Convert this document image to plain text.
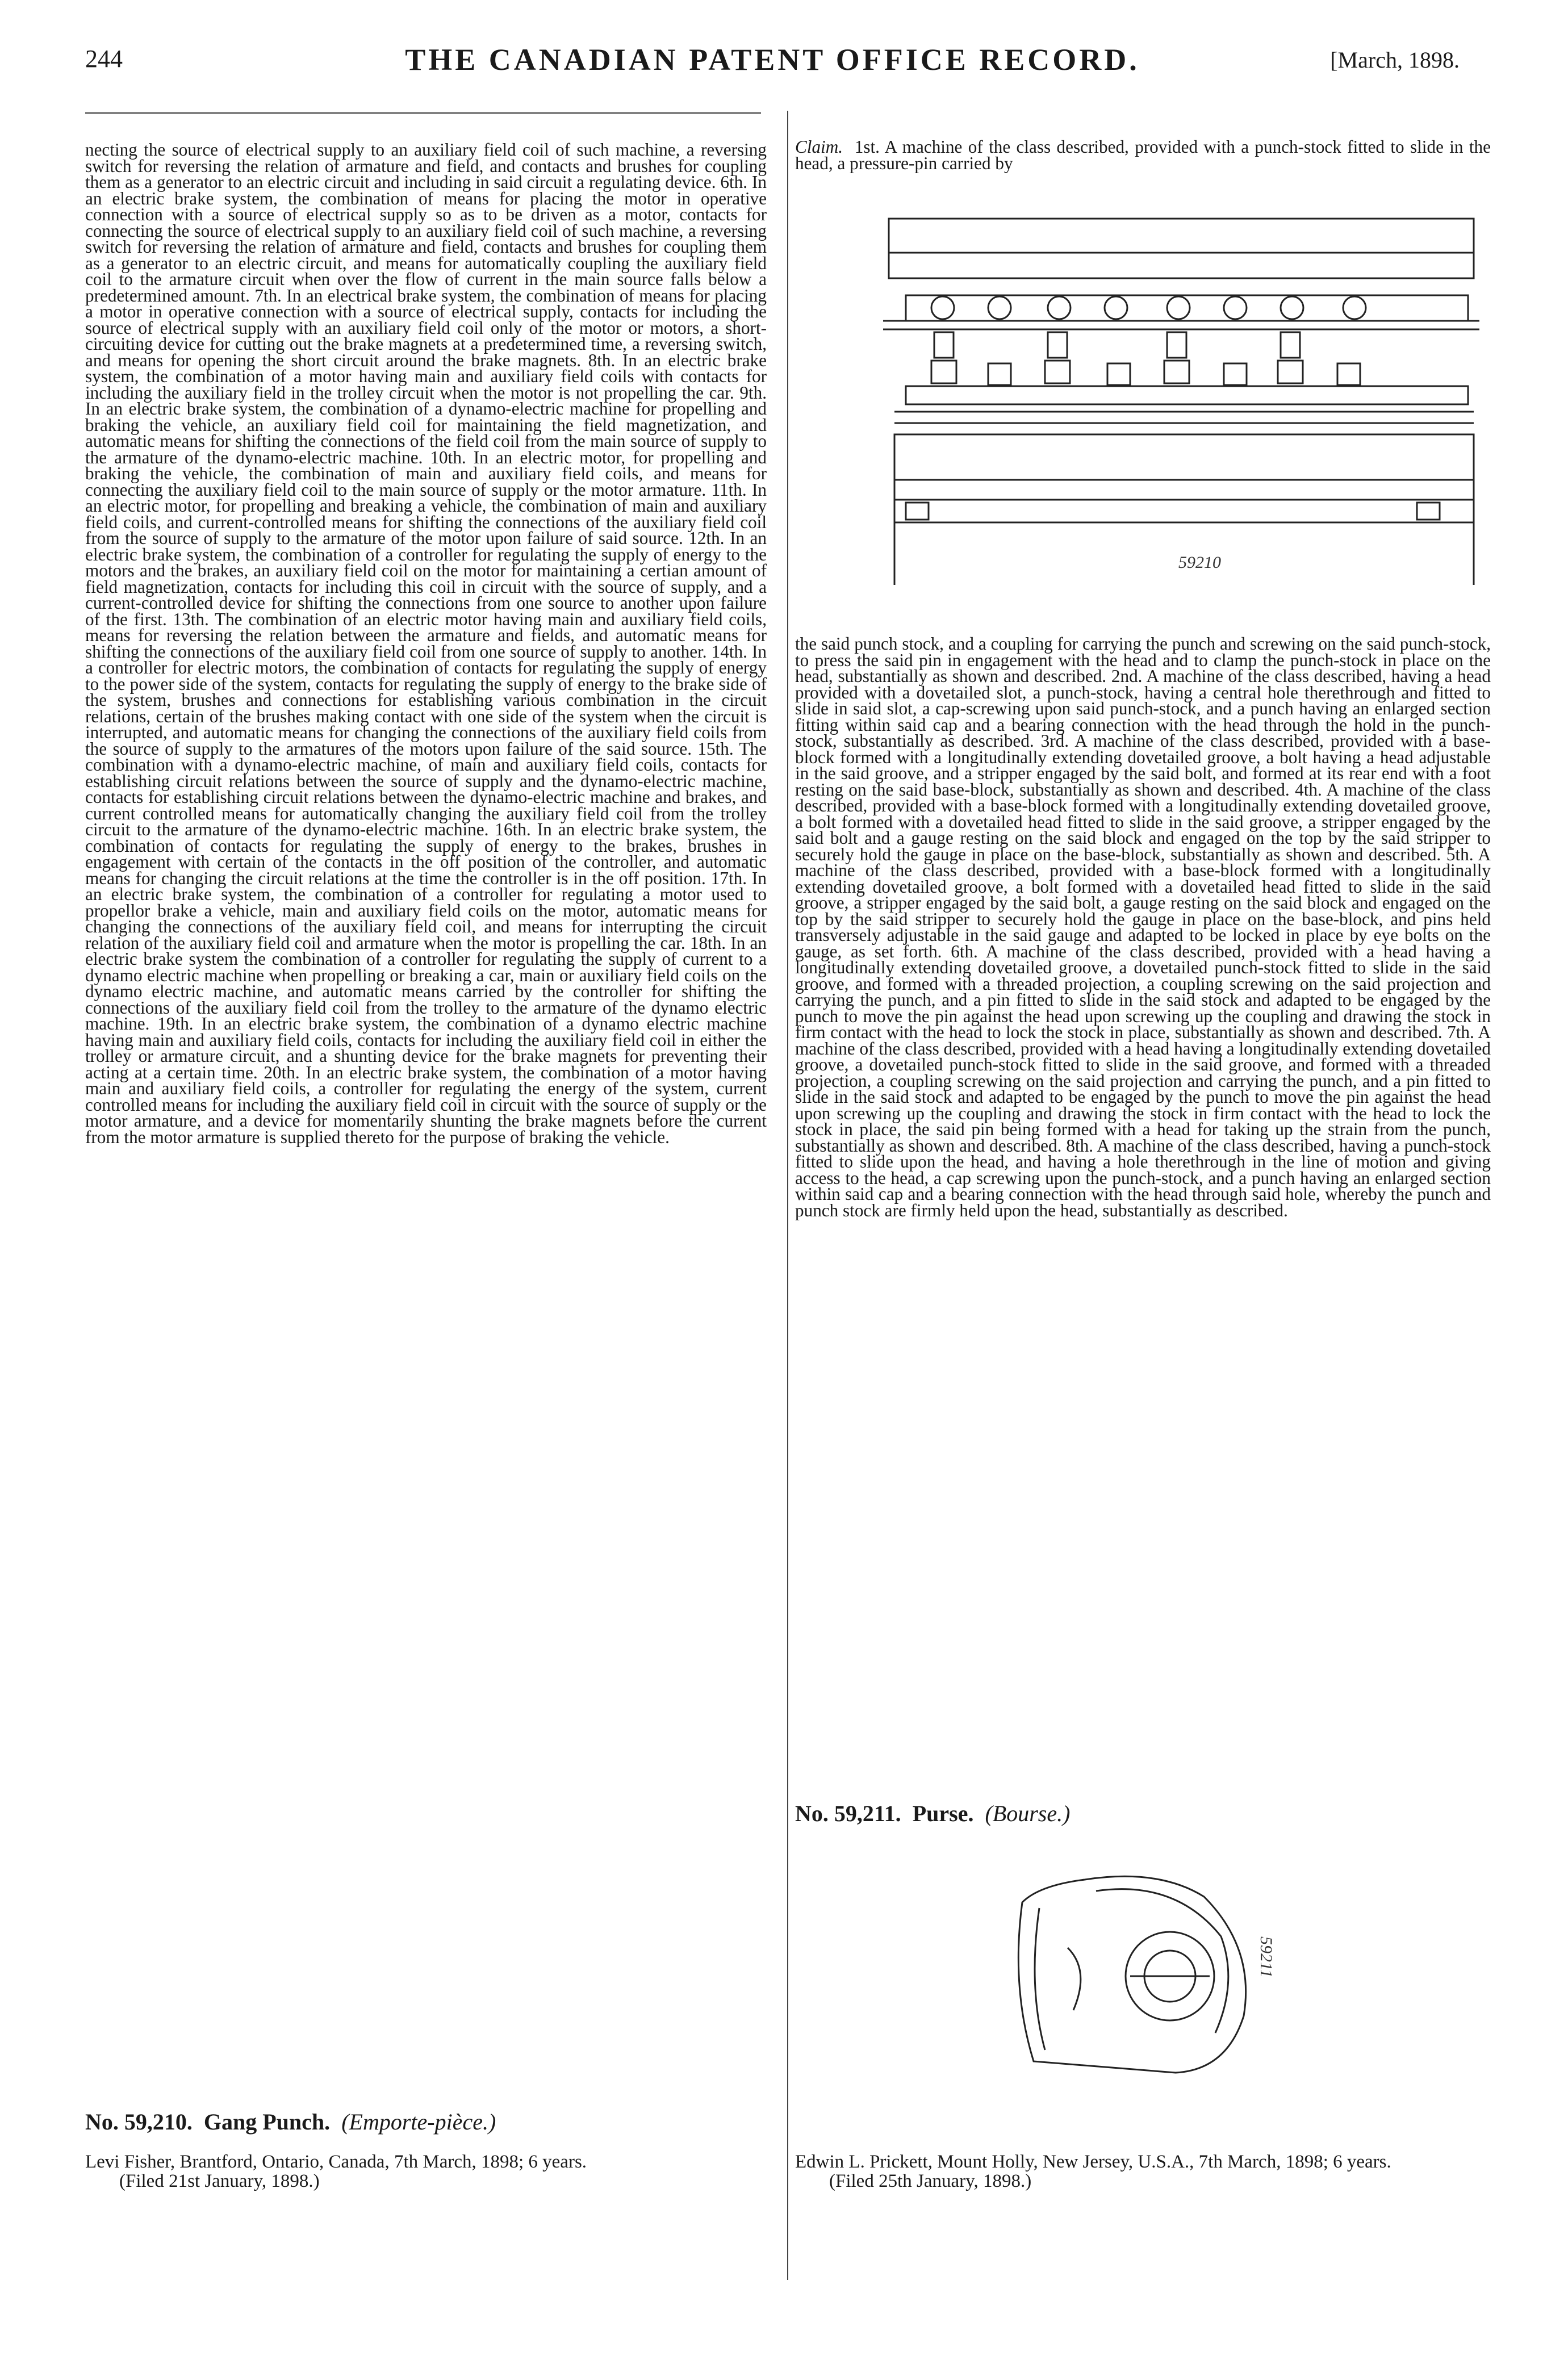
244	THE CANADIAN PATENT OFFICE RECORD.	[March, 1898.

necting the source of electrical supply to an auxiliary field coil of such machine, a reversing switch for reversing the relation of armature and field, and contacts and brushes for coupling them as a generator to an electric circuit and including in said circuit a regulating device. 6th. In an electric brake system, the combination of means for placing the motor in operative connection with a source of electrical supply so as to be driven as a motor, contacts for connecting the source of electrical supply to an auxiliary field coil of such machine, a reversing switch for reversing the relation of armature and field, contacts and brushes for coupling them as a generator to an electric circuit, and means for automatically coupling the auxiliary field coil to the armature circuit when over the flow of current in the main source falls below a predetermined amount. 7th. In an electrical brake system, the combination of means for placing a motor in operative connection with a source of electrical supply, contacts for including the source of electrical supply with an auxiliary field coil only of the motor or motors, a short-circuiting device for cutting out the brake magnets at a predetermined time, a reversing switch, and means for opening the short circuit around the brake magnets. 8th. In an electric brake system, the combination of a motor having main and auxiliary field coils with contacts for including the auxiliary field in the trolley circuit when the motor is not propelling the car. 9th. In an electric brake system, the combination of a dynamo-electric machine for propelling and braking the vehicle, an auxiliary field coil for maintaining the field magnetization, and automatic means for shifting the connections of the field coil from the main source of supply to the armature of the dynamo-electric machine. 10th. In an electric motor, for propelling and braking the vehicle, the combination of main and auxiliary field coils, and means for connecting the auxiliary field coil to the main source of supply or the motor armature. 11th. In an electric motor, for propelling and breaking a vehicle, the combination of main and auxiliary field coils, and current-controlled means for shifting the connections of the auxiliary field coil from the source of supply to the armature of the motor upon failure of said source. 12th. In an electric brake system, the combination of a controller for regulating the supply of energy to the motors and the brakes, an auxiliary field coil on the motor for maintaining a certian amount of field magnetization, contacts for including this coil in circuit with the source of supply, and a current-controlled device for shifting the connections from one source to another upon failure of the first. 13th. The combination of an electric motor having main and auxiliary field coils, means for reversing the relation between the armature and fields, and automatic means for shifting the connections of the auxiliary field coil from one source of supply to another. 14th. In a controller for electric motors, the combination of contacts for regulating the supply of energy to the power side of the system, contacts for regulating the supply of energy to the brake side of the system, brushes and connections for establishing various combination in the circuit relations, certain of the brushes making contact with one side of the system when the circuit is interrupted, and automatic means for changing the connections of the auxiliary field coils from the source of supply to the armatures of the motors upon failure of the said source. 15th. The combination with a dynamo-electric machine, of main and auxiliary field coils, contacts for establishing circuit relations between the source of supply and the dynamo-electric machine, contacts for establishing circuit relations between the dynamo-electric machine and brakes, and current controlled means for automatically changing the auxiliary field coil from the trolley circuit to the armature of the dynamo-electric machine. 16th. In an electric brake system, the combination of contacts for regulating the supply of energy to the brakes, brushes in engagement with certain of the contacts in the off position of the controller, and automatic means for changing the circuit relations at the time the controller is in the off position. 17th. In an electric brake system, the combination of a controller for regulating a motor used to propellor brake a vehicle, main and auxiliary field coils on the motor, automatic means for changing the connections of the auxiliary field coil, and means for interrupting the circuit relation of the auxiliary field coil and armature when the motor is propelling the car. 18th. In an electric brake system the combination of a controller for regulating the supply of current to a dynamo electric machine when propelling or breaking a car, main or auxiliary field coils on the dynamo electric machine, and automatic means carried by the controller for shifting the connections of the auxiliary field coil from the trolley to the armature of the dynamo electric machine. 19th. In an electric brake system, the combination of a dynamo electric machine having main and auxiliary field coils, contacts for including the auxiliary field coil in either the trolley or armature circuit, and a shunting device for the brake magnets for preventing their acting at a certain time. 20th. In an electric brake system, the combination of a motor having main and auxiliary field coils, a controller for regulating the energy of the system, current controlled means for including the auxiliary field coil in circuit with the source of supply or the motor armature, and a device for momentarily shunting the brake magnets before the current from the motor armature is supplied thereto for the purpose of braking the vehicle.

No. 59,210. Gang Punch. (Emporte-pièce.)
Levi Fisher, Brantford, Ontario, Canada, 7th March, 1898; 6 years.
(Filed 21st January, 1898.)

Claim. 1st. A machine of the class described, provided with a punch-stock fitted to slide in the head, a pressure-pin carried by

59210

the said punch stock, and a coupling for carrying the punch and screwing on the said punch-stock, to press the said pin in engagement with the head and to clamp the punch-stock in place on the head, substantially as shown and described. 2nd. A machine of the class described, having a head provided with a dovetailed slot, a punch-stock, having a central hole therethrough and fitted to slide in said slot, a cap-screwing upon said punch-stock, and a punch having an enlarged section fitting within said cap and a bearing connection with the head through the hold in the punch-stock, substantially as described. 3rd. A machine of the class described, provided with a base-block formed with a longitudinally extending dovetailed groove, a bolt having a head adjustable in the said groove, and a stripper engaged by the said bolt, and formed at its rear end with a foot resting on the said base-block, substantially as shown and described. 4th. A machine of the class described, provided with a base-block formed with a longitudinally extending dovetailed groove, a bolt formed with a dovetailed head fitted to slide in the said groove, a stripper engaged by the said bolt and a gauge resting on the said block and engaged on the top by the said stripper to securely hold the gauge in place on the base-block, substantially as shown and described. 5th. A machine of the class described, provided with a base-block formed with a longitudinally extending dovetailed groove, a bolt formed with a dovetailed head fitted to slide in the said groove, a stripper engaged by the said bolt, a gauge resting on the said block and engaged on the top by the said stripper to securely hold the gauge in place on the base-block, and pins held transversely adjustable in the said gauge and adapted to be locked in place by eye bolts on the gauge, as set forth. 6th. A machine of the class described, provided with a head having a longitudinally extending dovetailed groove, a dovetailed punch-stock fitted to slide in the said groove, and formed with a threaded projection, a coupling screwing on the said projection and carrying the punch, and a pin fitted to slide in the said stock and adapted to be engaged by the punch to move the pin against the head upon screwing up the coupling and drawing the stock in firm contact with the head to lock the stock in place, substantially as shown and described. 7th. A machine of the class described, provided with a head having a longitudinally extending dovetailed groove, a dovetailed punch-stock fitted to slide in the said groove, and formed with a threaded projection, a coupling screwing on the said projection and carrying the punch, and a pin fitted to slide in the said stock and adapted to be engaged by the punch to move the pin against the head upon screwing up the coupling and drawing the stock in firm contact with the head to lock the stock in place, the said pin being formed with a head for taking up the strain from the punch, substantially as shown and described. 8th. A machine of the class described, having a punch-stock fitted to slide upon the head, and having a hole therethrough in the line of motion and giving access to the head, a cap screwing upon the punch-stock, and a punch having an enlarged section within said cap and a bearing connection with the head through said hole, whereby the punch and punch stock are firmly held upon the head, substantially as described.

No. 59,211. Purse. (Bourse.)
59211
Edwin L. Prickett, Mount Holly, New Jersey, U.S.A., 7th March, 1898; 6 years.
(Filed 25th January, 1898.)
